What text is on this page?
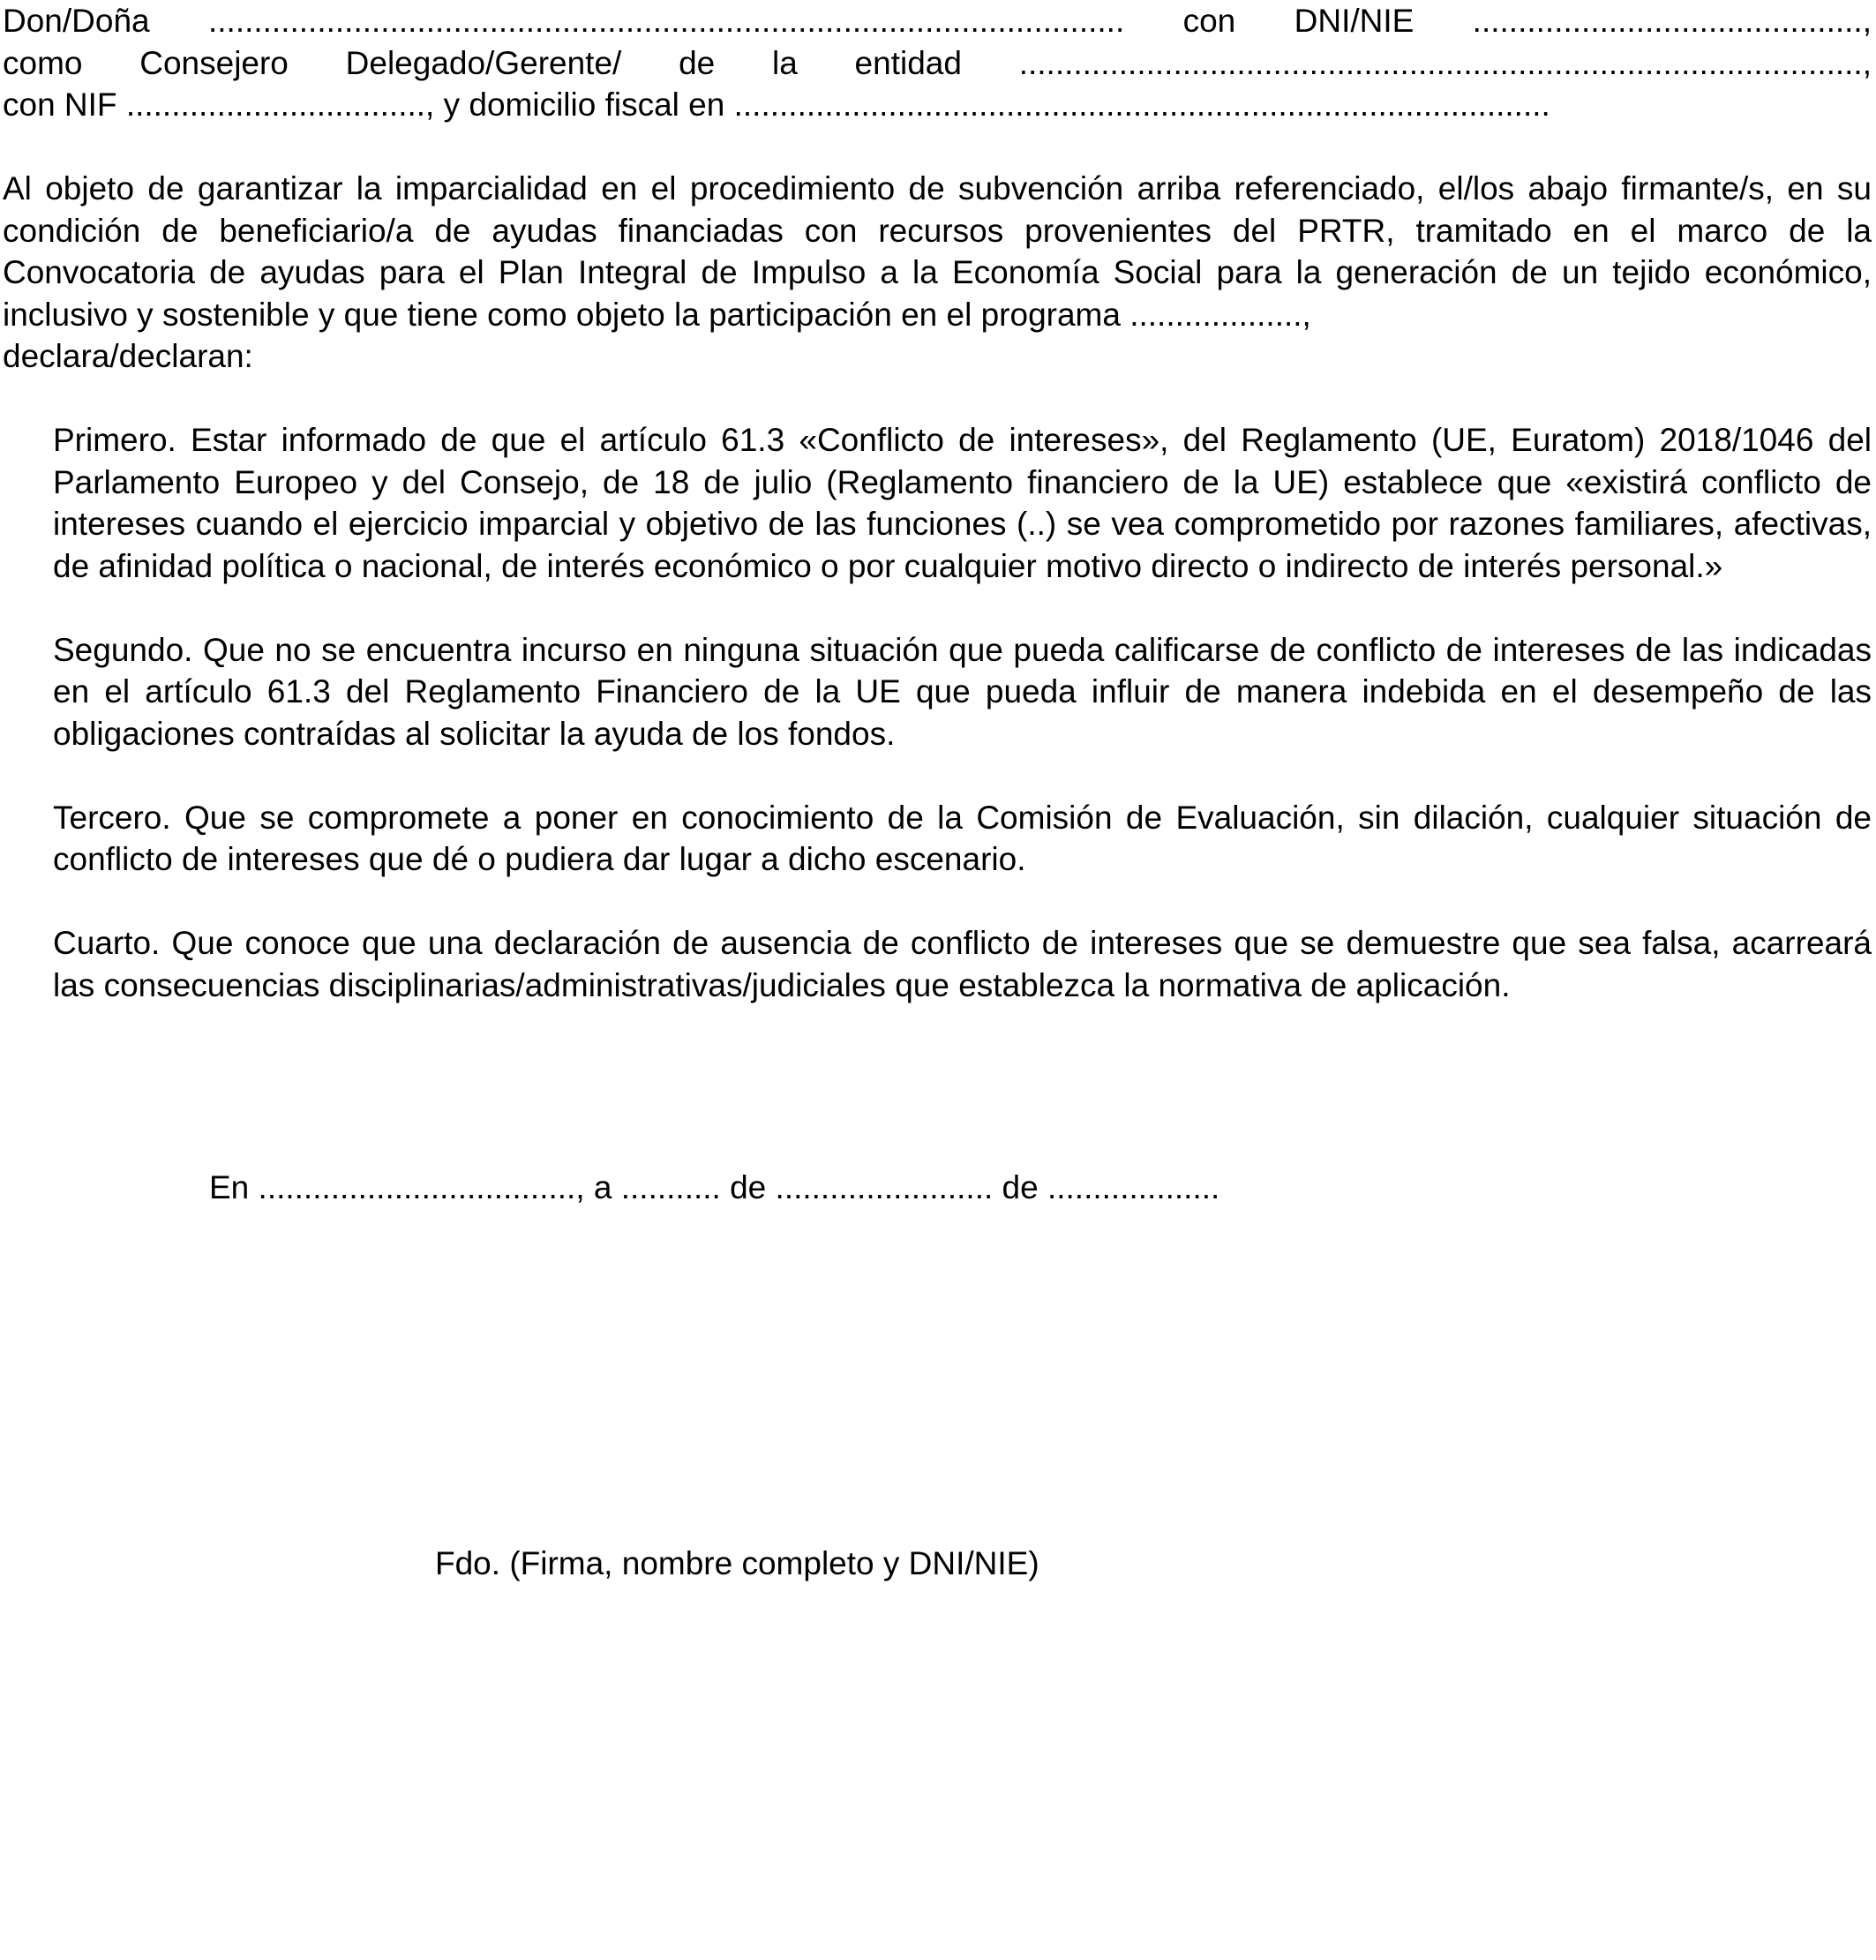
Don/Doña ..................................................................................................... con DNI/NIE ...........................................,
como Consejero Delegado/Gerente/ de la entidad .............................................................................................,
con NIF ................................., y domicilio fiscal en ..........................................................................................
Al objeto de garantizar la imparcialidad en el procedimiento de subvención arriba referenciado, el/los abajo firmante/s, en su condición de beneficiario/a de ayudas financiadas con recursos provenientes del PRTR, tramitado en el marco de la Convocatoria de ayudas para el Plan Integral de Impulso a la Economía Social para la generación de un tejido económico, inclusivo y sostenible y que tiene como objeto la participación en el programa ...................,
declara/declaran:
Primero. Estar informado de que el artículo 61.3 «Conflicto de intereses», del Reglamento (UE, Euratom) 2018/1046 del Parlamento Europeo y del Consejo, de 18 de julio (Reglamento financiero de la UE) establece que «existirá conflicto de intereses cuando el ejercicio imparcial y objetivo de las funciones (..) se vea comprometido por razones familiares, afectivas, de afinidad política o nacional, de interés económico o por cualquier motivo directo o indirecto de interés personal.»
Segundo. Que no se encuentra incurso en ninguna situación que pueda calificarse de conflicto de intereses de las indicadas en el artículo 61.3 del Reglamento Financiero de la UE que pueda influir de manera indebida en el desempeño de las obligaciones contraídas al solicitar la ayuda de los fondos.
Tercero. Que se compromete a poner en conocimiento de la Comisión de Evaluación, sin dilación, cualquier situación de conflicto de intereses que dé o pudiera dar lugar a dicho escenario.
Cuarto. Que conoce que una declaración de ausencia de conflicto de intereses que se demuestre que sea falsa, acarreará las consecuencias disciplinarias/administrativas/judiciales que establezca la normativa de aplicación.
En ..................................., a ........... de ........................ de ...................
Fdo. (Firma, nombre completo y DNI/NIE)
